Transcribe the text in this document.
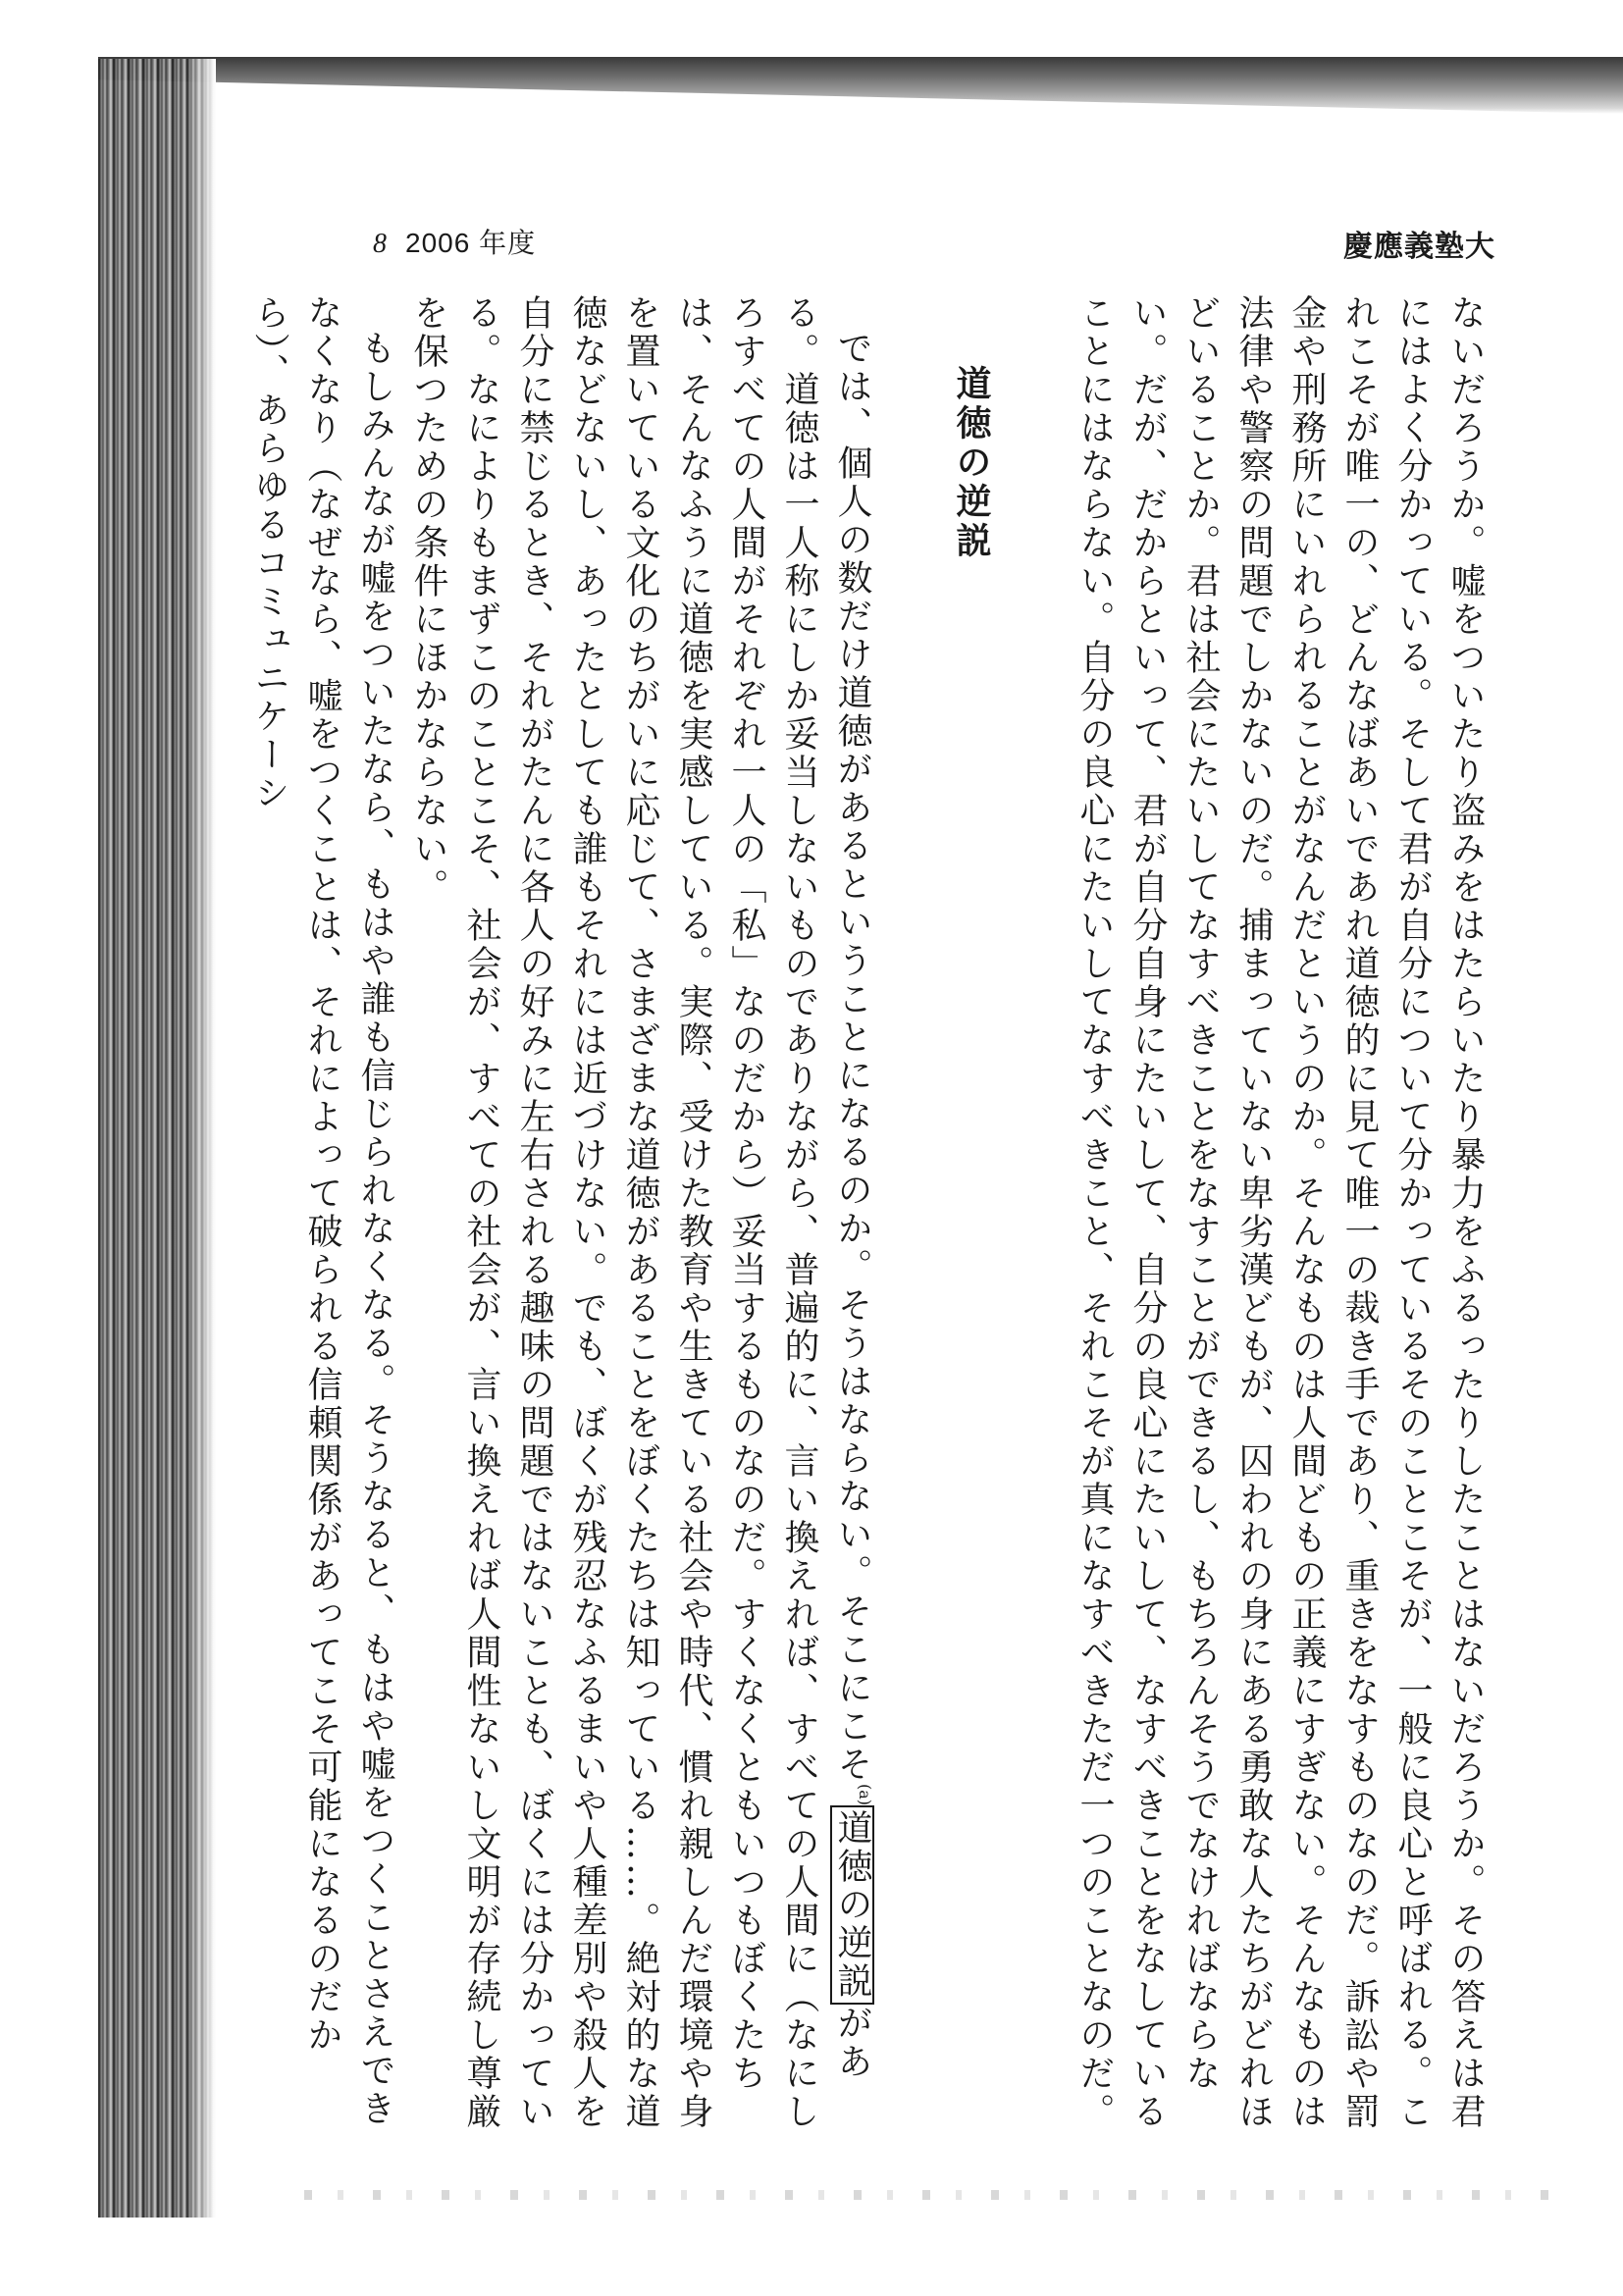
8 2006 年度	慶應義塾大

ないだろうか。嘘をついたり盗みをはたらいたり暴力をふるったりしたことはないだろうか。その答えは君にはよく分かっている。そして君が自分について分かっているそのことこそが、一般に良心と呼ばれる。これこそが唯一の、どんなばあいであれ道徳的に見て唯一の裁き手であり、重きをなすものなのだ。訴訟や罰金や刑務所にいれられることがなんだというのか。そんなものは人間どもの正義にすぎない。そんなものは法律や警察の問題でしかないのだ。捕まっていない卑劣漢どもが、囚われの身にある勇敢な人たちがどれほどいることか。君は社会にたいしてなすべきことをなすことができるし、もちろんそうでなければならない。だが、だからといって、君が自分自身にたいして、自分の良心にたいして、なすべきことをなしていることにはならない。自分の良心にたいしてなすべきこと、それこそが真になすべきただ一つのことなのだ。

道徳の逆説

では、個人の数だけ道徳があるということになるのか。そうはならない。そこにこそ$^{(a)}$道徳の逆説がある。道徳は一人称にしか妥当しないものでありながら、普遍的に、言い換えれば、すべての人間に（なにしろすべての人間がそれぞれ一人の「私」なのだから）妥当するものなのだ。すくなくともいつもぼくたちは、そんなふうに道徳を実感している。実際、受けた教育や生きている社会や時代、慣れ親しんだ環境や身を置いている文化のちがいに応じて、さまざまな道徳があることをぼくたちは知っている……。絶対的な道徳などないし、あったとしても誰もそれには近づけない。でも、ぼくが残忍なふるまいや人種差別や殺人を自分に禁じるとき、それがたんに各人の好みに左右される趣味の問題ではないことも、ぼくには分かっている。なによりもまずこのことこそ、社会が、すべての社会が、言い換えれば人間性ないし文明が存続し尊厳を保つための条件にほかならない。

もしみんなが嘘をついたなら、もはや誰も信じられなくなる。そうなると、もはや嘘をつくことさえできなくなり（なぜなら、嘘をつくことは、それによって破られる信頼関係があってこそ可能になるのだから）、あらゆるコミュニケーシ
